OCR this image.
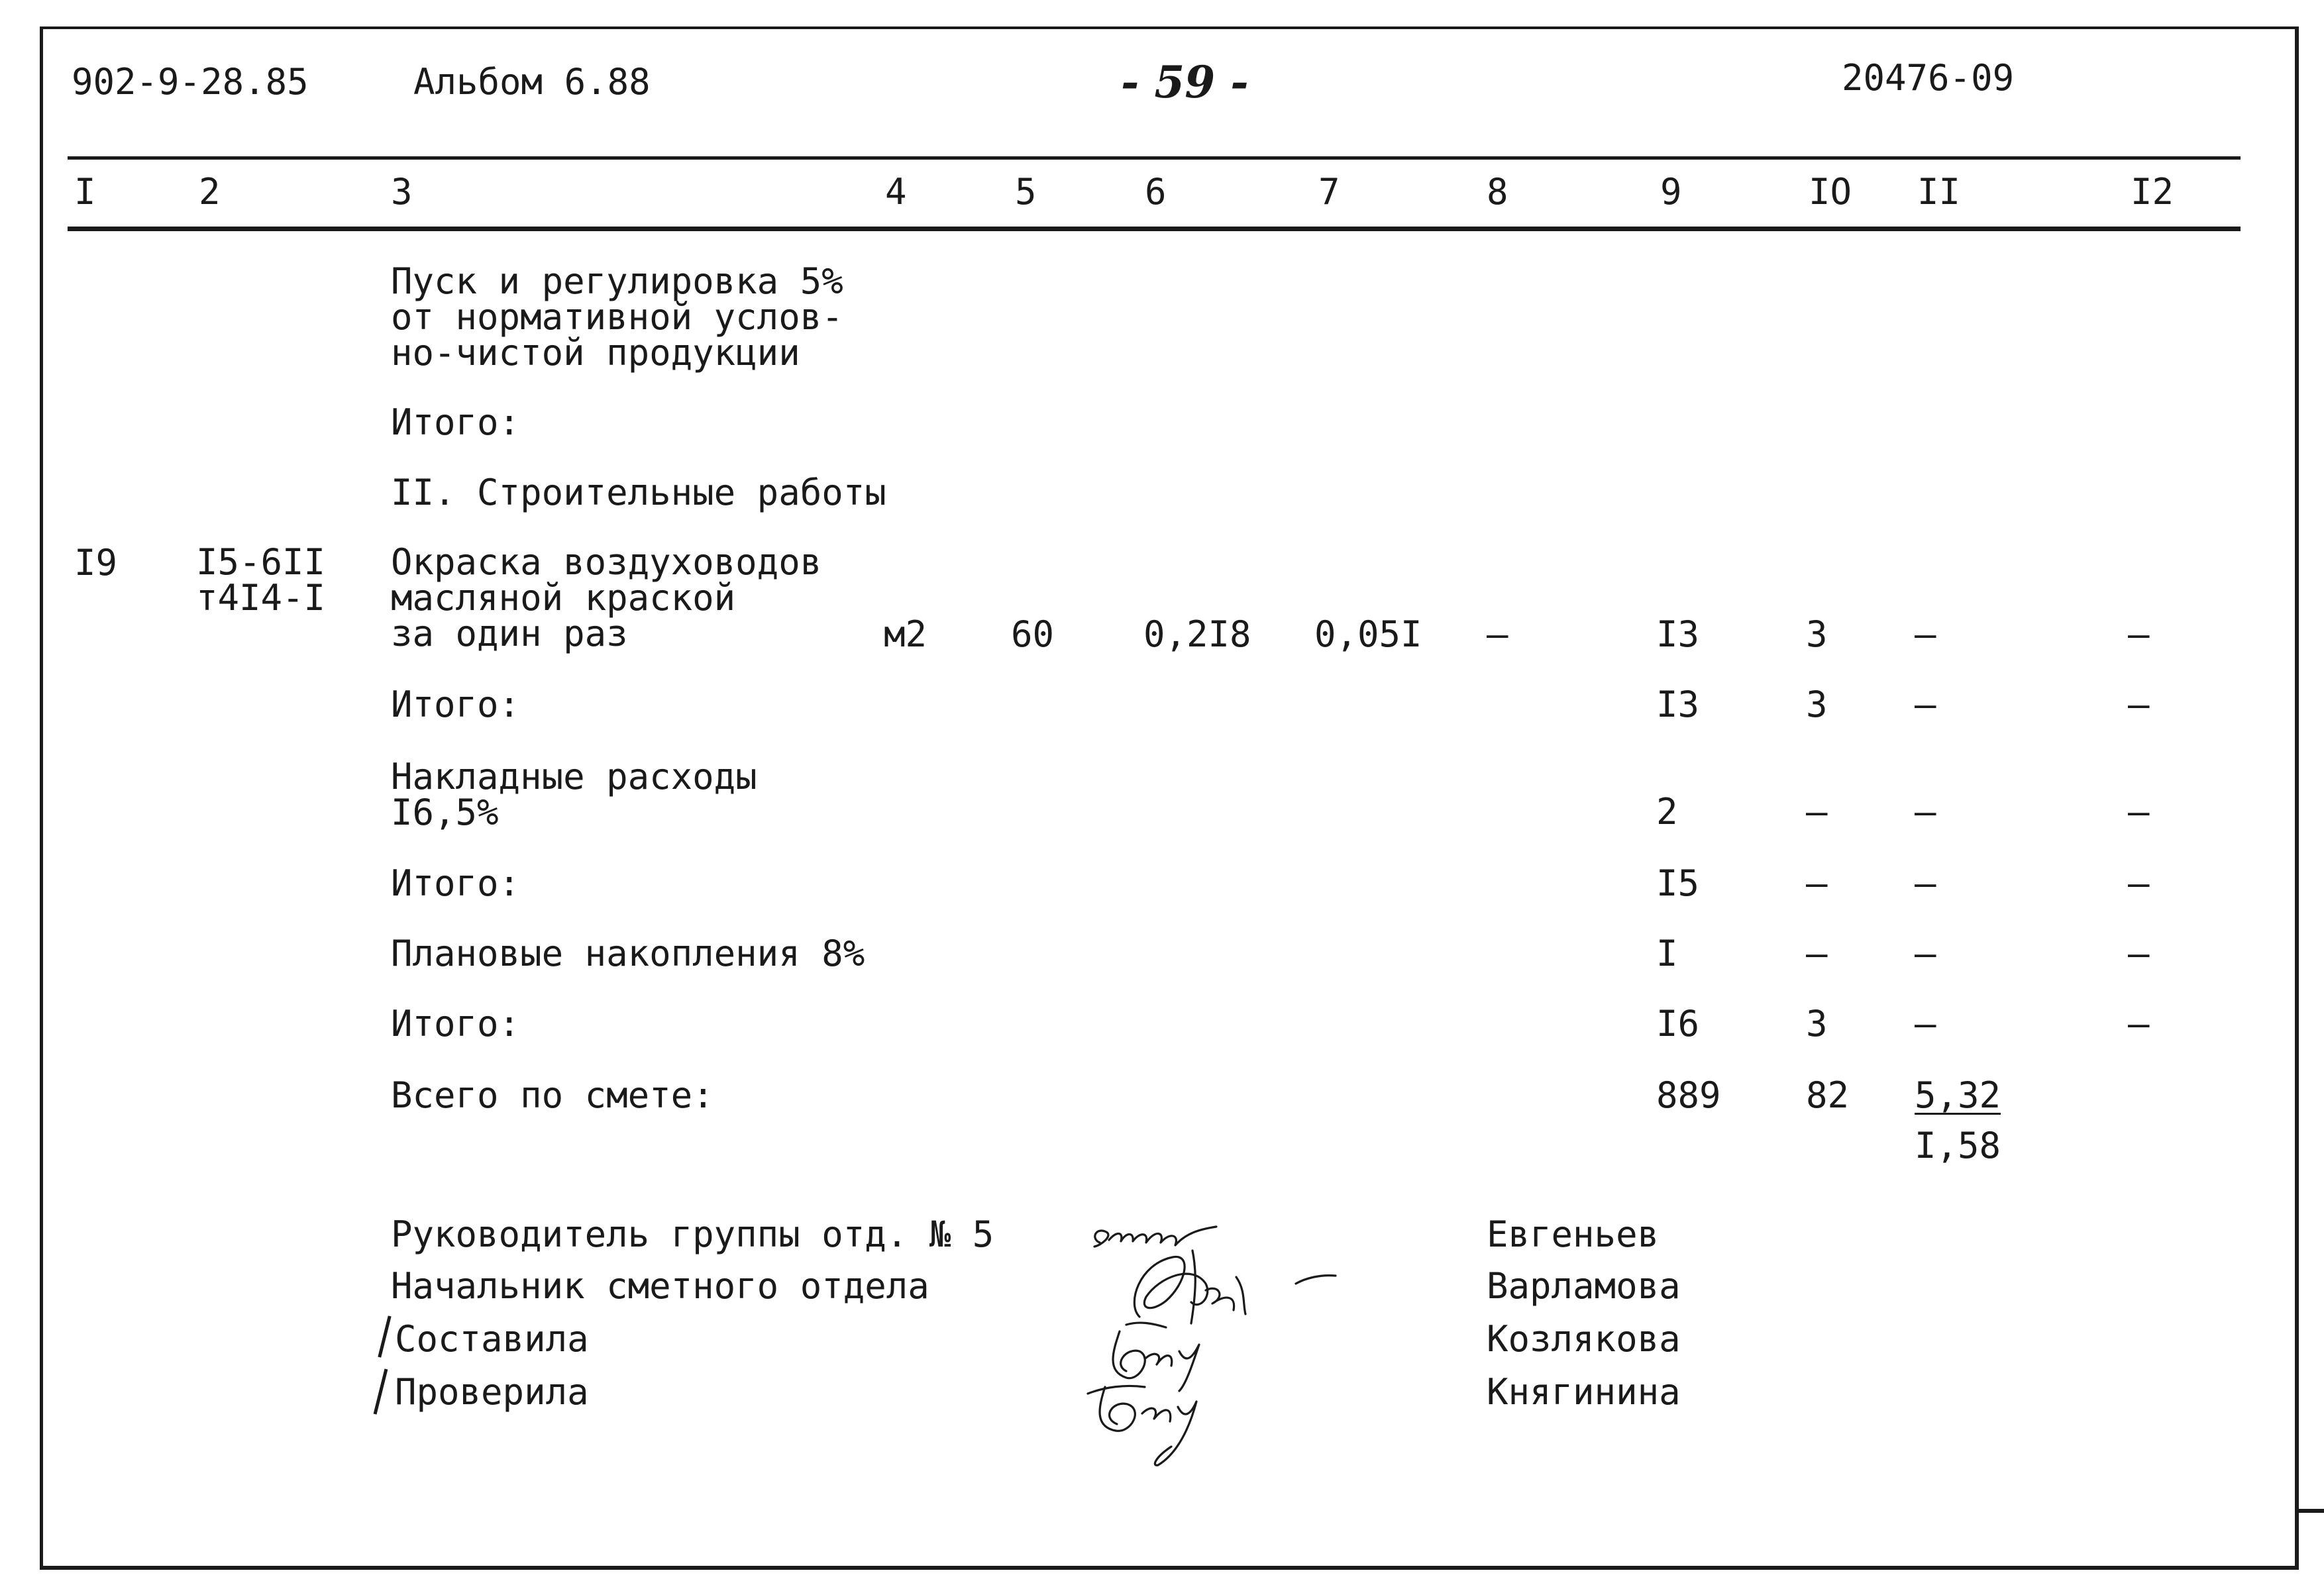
902-9-28.85	Альбом 6.88	- 59 -	20476-09
I	2	3	4	5	6	7	8	9	IO II	I2
Пуск и регулировка 5%
от нормативной услов-
но-чистой продукции
Итого:
II. Строительные работы
I9 I5-6II
т4I4-I
Окраска воздуховодов
масляной краской
за один раз	м2 60 0,2I8 0,05I –	I3	3 –	–
Итого:	I3	3 –	–
Накладные расходы
I6,5%	2	– –	–
Итого:	I5	– –	–
Плановые накопления 8%	I	– –	–
Итого:	I6	3 –	–
Всего по смете:	889 82 5,32
I,58
Руководитель группы отд. № 5
Начальник сметного отдела
Составила
Проверила
Евгеньев
Варламова
Козлякова
Княгинина
